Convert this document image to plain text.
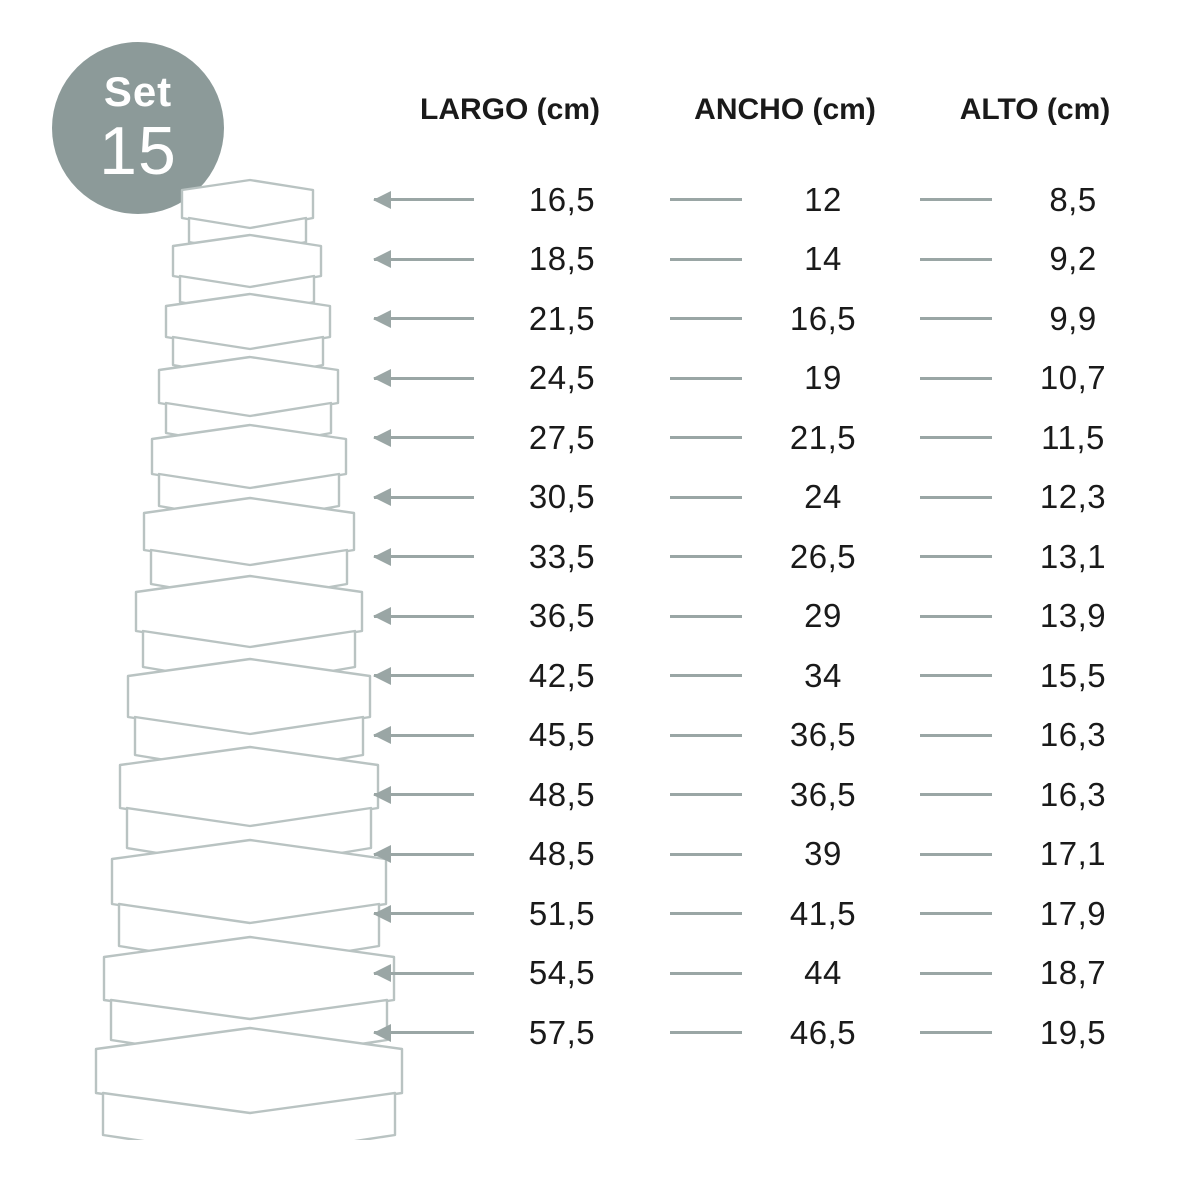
Set
15
LARGO (cm)	ANCHO (cm)	ALTO (cm)
16,5	12	8,5
18,5	14	9,2
21,5	16,5	9,9
24,5	19	10,7
27,5	21,5	11,5
30,5	24	12,3
33,5	26,5	13,1
36,5	29	13,9
42,5	34	15,5
45,5	36,5	16,3
48,5	36,5	16,3
48,5	39	17,1
51,5	41,5	17,9
54,5	44	18,7
57,5	46,5	19,5
